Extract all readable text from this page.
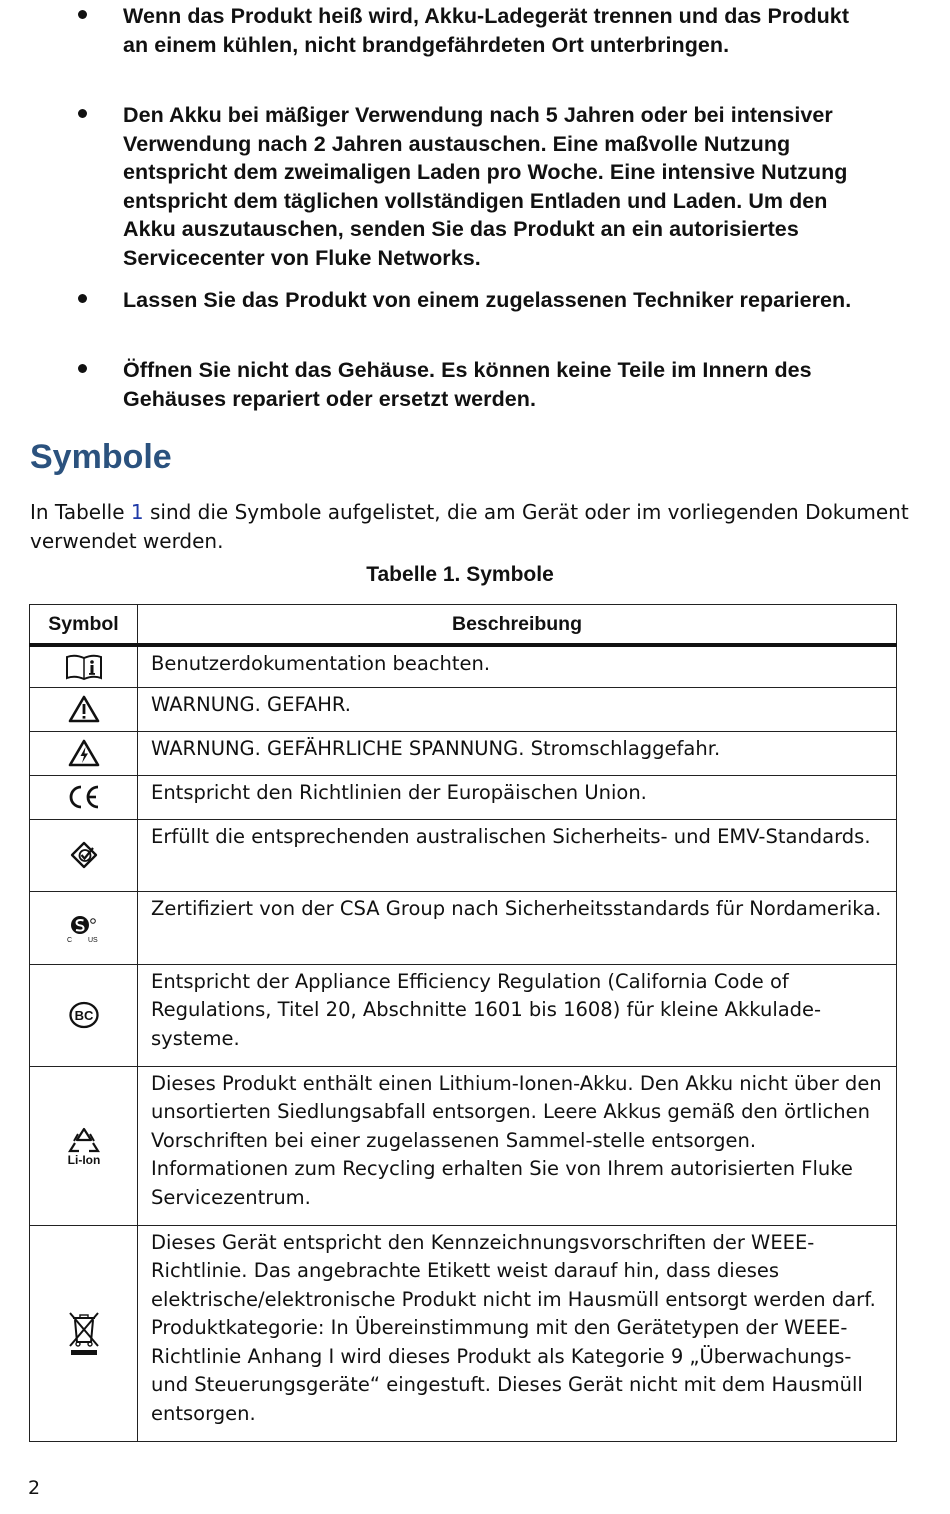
Wenn das Produkt heiß wird, Akku-Ladegerät trennen und das Produkt an einem kühlen, nicht brandgefährdeten Ort unterbringen.
Den Akku bei mäßiger Verwendung nach 5 Jahren oder bei intensiver Verwendung nach 2 Jahren austauschen. Eine maßvolle Nutzung entspricht dem zweimaligen Laden pro Woche. Eine intensive Nutzung entspricht dem täglichen vollständigen Entladen und Laden. Um den Akku auszutauschen, senden Sie das Produkt an ein autorisiertes Servicecenter von Fluke Networks.
Lassen Sie das Produkt von einem zugelassenen Techniker reparieren.
Öffnen Sie nicht das Gehäuse. Es können keine Teile im Innern des Gehäuses repariert oder ersetzt werden.
Symbole

In Tabelle 1 sind die Symbole aufgelistet, die am Gerät oder im vorliegenden Dokument verwendet werden.

Tabelle 1. Symbole
Symbol	Beschreibung

	Benutzerdokumentation beachten.

	WARNUNG. GEFAHR.

	WARNUNG. GEFÄHRLICHE SPANNUNG. Stromschlaggefahr.

	Entspricht den Richtlinien der Europäischen Union.

	Erfüllt die entsprechenden australischen Sicherheits- und EMV-Standards.

C US	Zertifiziert von der CSA Group nach Sicherheitsstandards für Nordamerika.

BC	Entspricht der Appliance Efficiency Regulation (California Code of Regulations, Titel 20, Abschnitte 1601 bis 1608) für kleine Akkulade-systeme.

Li-Ion	Dieses Produkt enthält einen Lithium-Ionen-Akku. Den Akku nicht über den unsortierten Siedlungsabfall entsorgen. Leere Akkus gemäß den örtlichen Vorschriften bei einer zugelassenen Sammel-stelle entsorgen. Informationen zum Recycling erhalten Sie von Ihrem autorisierten Fluke Servicezentrum.

	Dieses Gerät entspricht den Kennzeichnungsvorschriften der WEEE-Richtlinie. Das angebrachte Etikett weist darauf hin, dass dieses elektrische/elektronische Produkt nicht im Hausmüll entsorgt werden darf. Produktkategorie: In Übereinstimmung mit den Gerätetypen der WEEE-Richtlinie Anhang I wird dieses Produkt als Kategorie 9 „Überwachungs- und Steuerungsgeräte“ eingestuft. Dieses Gerät nicht mit dem Hausmüll entsorgen.
2
